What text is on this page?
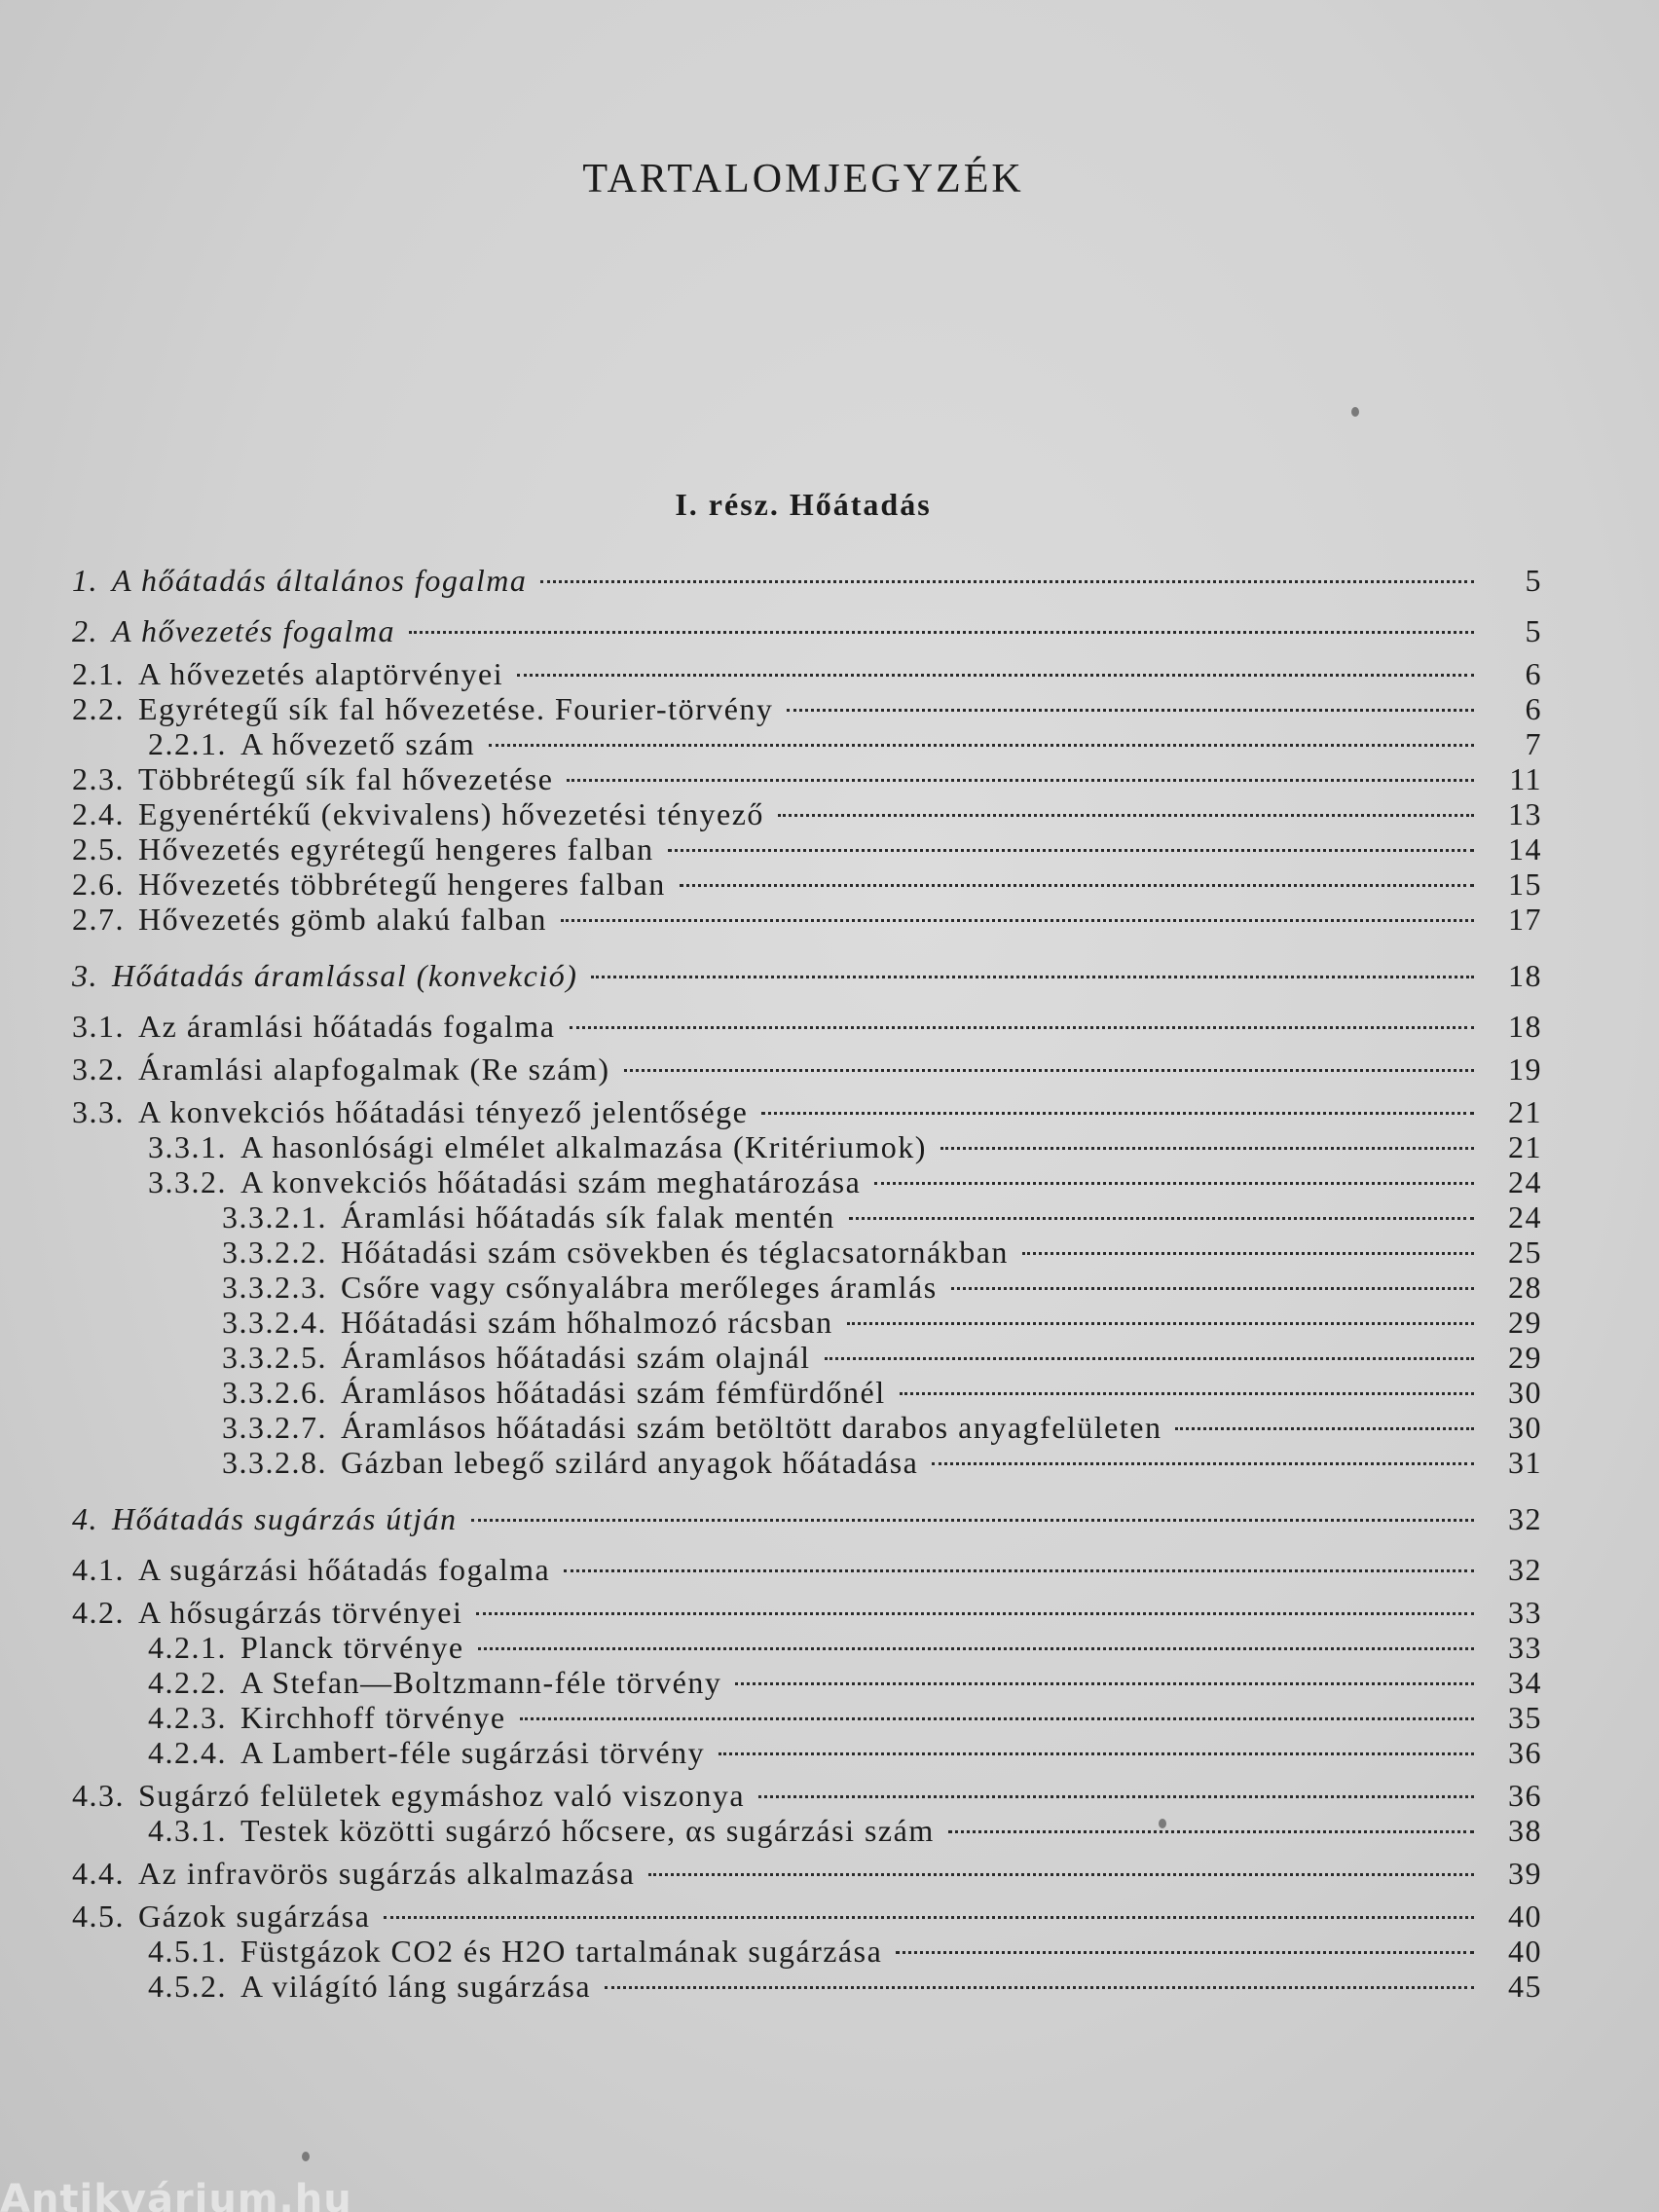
TARTALOMJEGYZÉK
I. rész. Hőátadás
1. A hőátadás általános fogalma	5
2. A hővezetés fogalma	5
2.1. A hővezetés alaptörvényei	6
2.2. Egyrétegű sík fal hővezetése. Fourier-törvény	6
2.2.1. A hővezető szám	7
2.3. Többrétegű sík fal hővezetése	11
2.4. Egyenértékű (ekvivalens) hővezetési tényező	13
2.5. Hővezetés egyrétegű hengeres falban	14
2.6. Hővezetés többrétegű hengeres falban	15
2.7. Hővezetés gömb alakú falban	17
3. Hőátadás áramlással (konvekció)	18
3.1. Az áramlási hőátadás fogalma	18
3.2. Áramlási alapfogalmak (Re szám)	19
3.3. A konvekciós hőátadási tényező jelentősége	21
3.3.1. A hasonlósági elmélet alkalmazása (Kritériumok)	21
3.3.2. A konvekciós hőátadási szám meghatározása	24
3.3.2.1. Áramlási hőátadás sík falak mentén	24
3.3.2.2. Hőátadási szám csövekben és téglacsatornákban	25
3.3.2.3. Csőre vagy csőnyalábra merőleges áramlás	28
3.3.2.4. Hőátadási szám hőhalmozó rácsban	29
3.3.2.5. Áramlásos hőátadási szám olajnál	29
3.3.2.6. Áramlásos hőátadási szám fémfürdőnél	30
3.3.2.7. Áramlásos hőátadási szám betöltött darabos anyagfelületen	30
3.3.2.8. Gázban lebegő szilárd anyagok hőátadása	31
4. Hőátadás sugárzás útján	32
4.1. A sugárzási hőátadás fogalma	32
4.2. A hősugárzás törvényei	33
4.2.1. Planck törvénye	33
4.2.2. A Stefan—Boltzmann-féle törvény	34
4.2.3. Kirchhoff törvénye	35
4.2.4. A Lambert-féle sugárzási törvény	36
4.3. Sugárzó felületek egymáshoz való viszonya	36
4.3.1. Testek közötti sugárzó hőcsere, αs sugárzási szám	38
4.4. Az infravörös sugárzás alkalmazása	39
4.5. Gázok sugárzása	40
4.5.1. Füstgázok CO2 és H2O tartalmának sugárzása	40
4.5.2. A világító láng sugárzása	45
Antikvárium.hu
